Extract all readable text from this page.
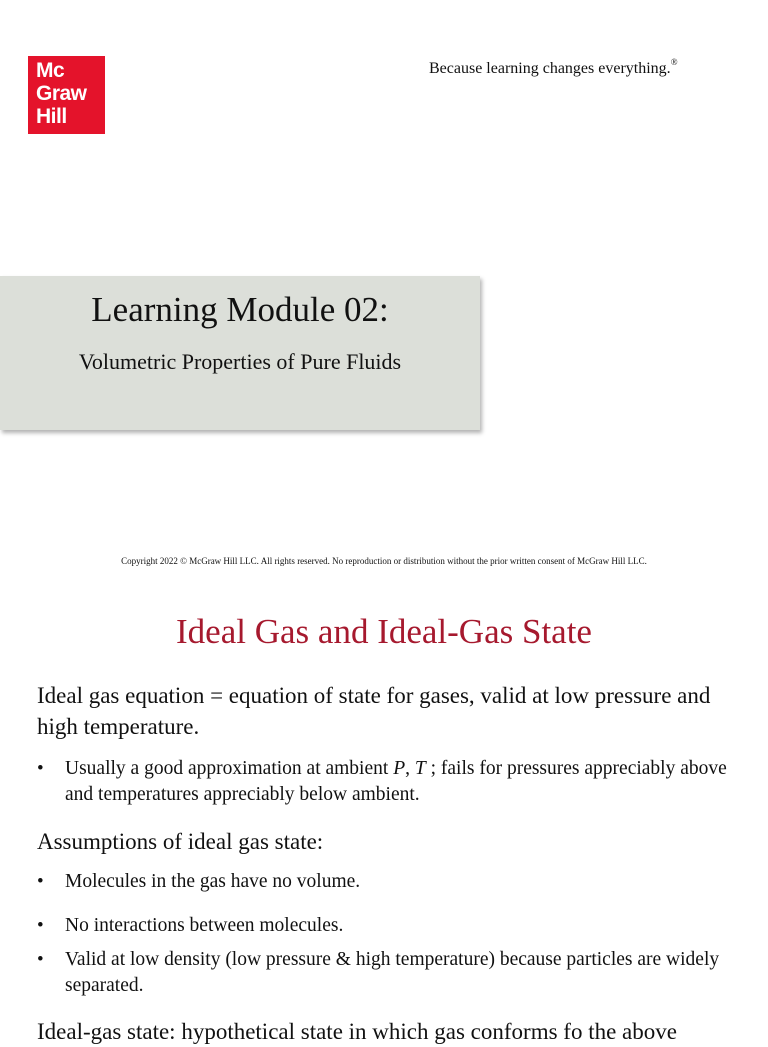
Mc
Graw
Hill
Because learning changes everything.®
Learning Module 02:
Volumetric Properties of Pure Fluids
Copyright 2022 © McGraw Hill LLC. All rights reserved. No reproduction or distribution without the prior written consent of McGraw Hill LLC.
Ideal Gas and Ideal-Gas State

Ideal gas equation = equation of state for gases, valid at low pressure and high temperature.

• Usually a good approximation at ambient P, T ; fails for pressures appreciably above and temperatures appreciably below ambient.

Assumptions of ideal gas state:

• Molecules in the gas have no volume.
• No interactions between molecules.
• Valid at low density (low pressure & high temperature) because particles are widely separated.
Ideal-gas state: hypothetical state in which gas conforms fo the above
